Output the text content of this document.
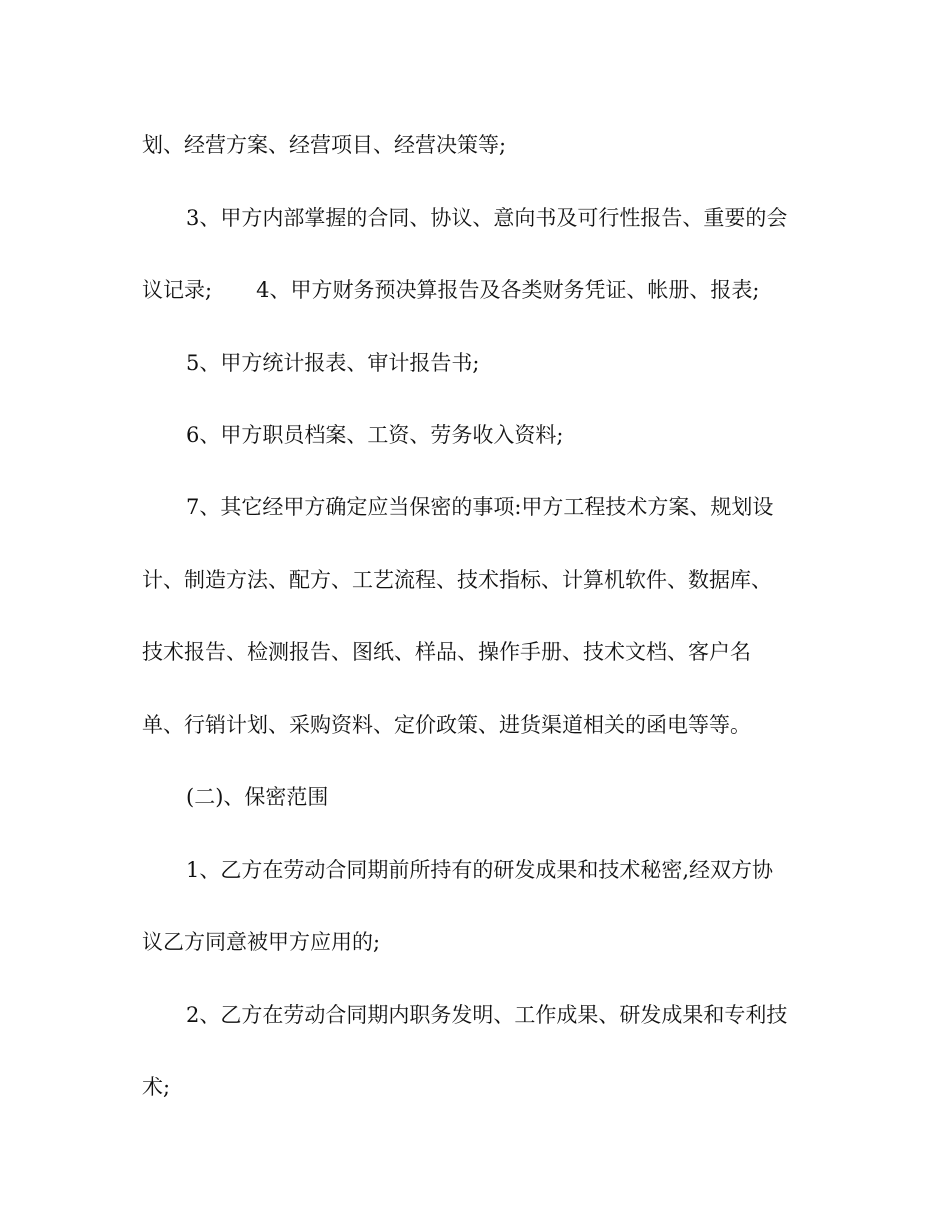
划、经营方案、经营项目、经营决策等;
3、甲方内部掌握的合同、协议、意向书及可行性报告、重要的会
议记录; 4、甲方财务预决算报告及各类财务凭证、帐册、报表;
5、甲方统计报表、审计报告书;
6、甲方职员档案、工资、劳务收入资料;
7、其它经甲方确定应当保密的事项:甲方工程技术方案、规划设
计、制造方法、配方、工艺流程、技术指标、计算机软件、数据库、
技术报告、检测报告、图纸、样品、操作手册、技术文档、客户名
单、行销计划、采购资料、定价政策、进货渠道相关的函电等等。
(二)、保密范围
1、乙方在劳动合同期前所持有的研发成果和技术秘密,经双方协
议乙方同意被甲方应用的;
2、乙方在劳动合同期内职务发明、工作成果、研发成果和专利技
术;
